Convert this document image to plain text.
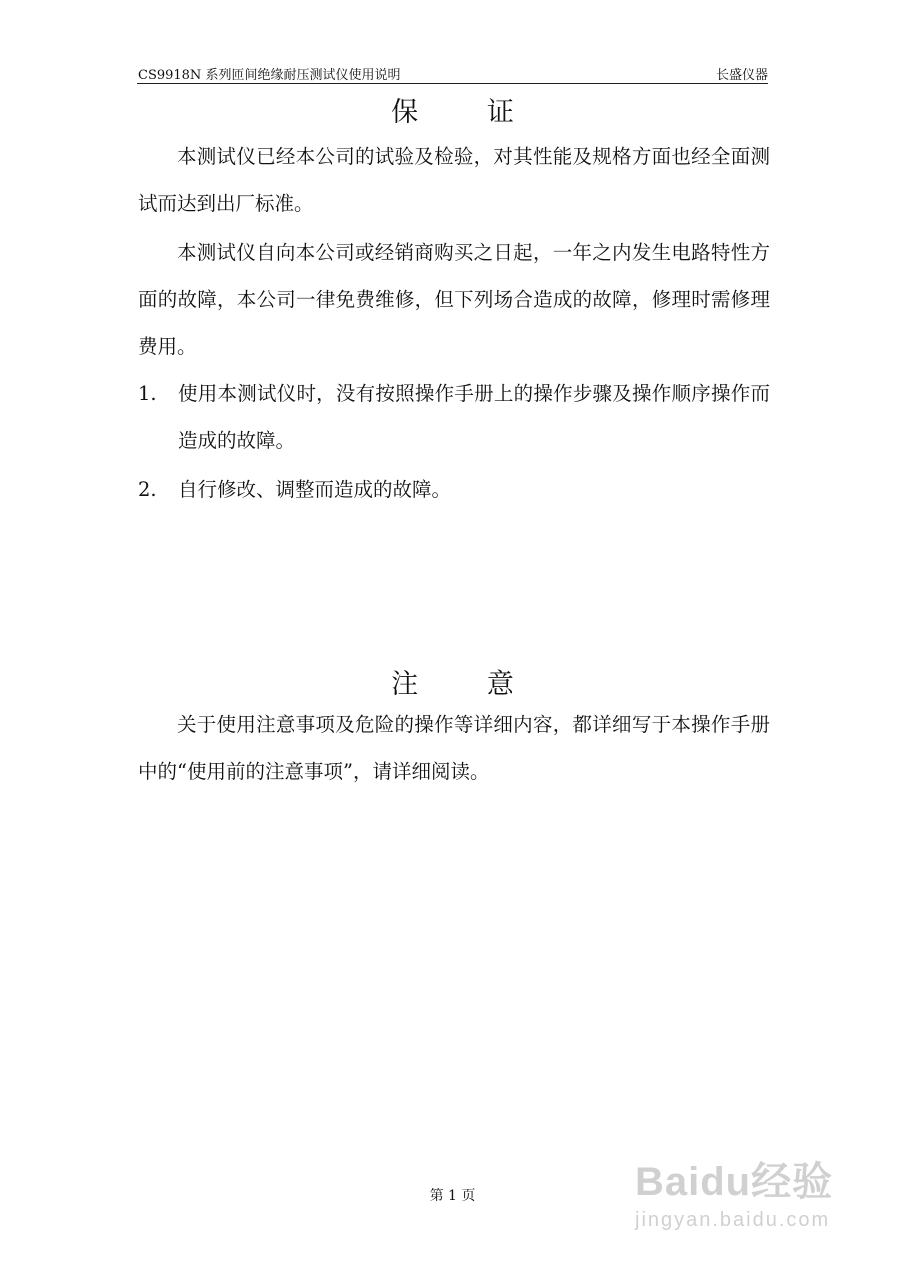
CS9918N 系列匝间绝缘耐压测试仪使用说明	长盛仪器
保        证

本测试仪已经本公司的试验及检验，对其性能及规格方面也经全面测试而达到出厂标准。

本测试仪自向本公司或经销商购买之日起，一年之内发生电路特性方面的故障，本公司一律免费维修，但下列场合造成的故障，修理时需修理费用。

1. 使用本测试仪时，没有按照操作手册上的操作步骤及操作顺序操作而造成的故障。
2. 自行修改、调整而造成的故障。
注        意

关于使用注意事项及危险的操作等详细内容，都详细写于本操作手册中的“使用前的注意事项”，请详细阅读。

第 1 页	Baidu经验
jingyan.baidu.com
